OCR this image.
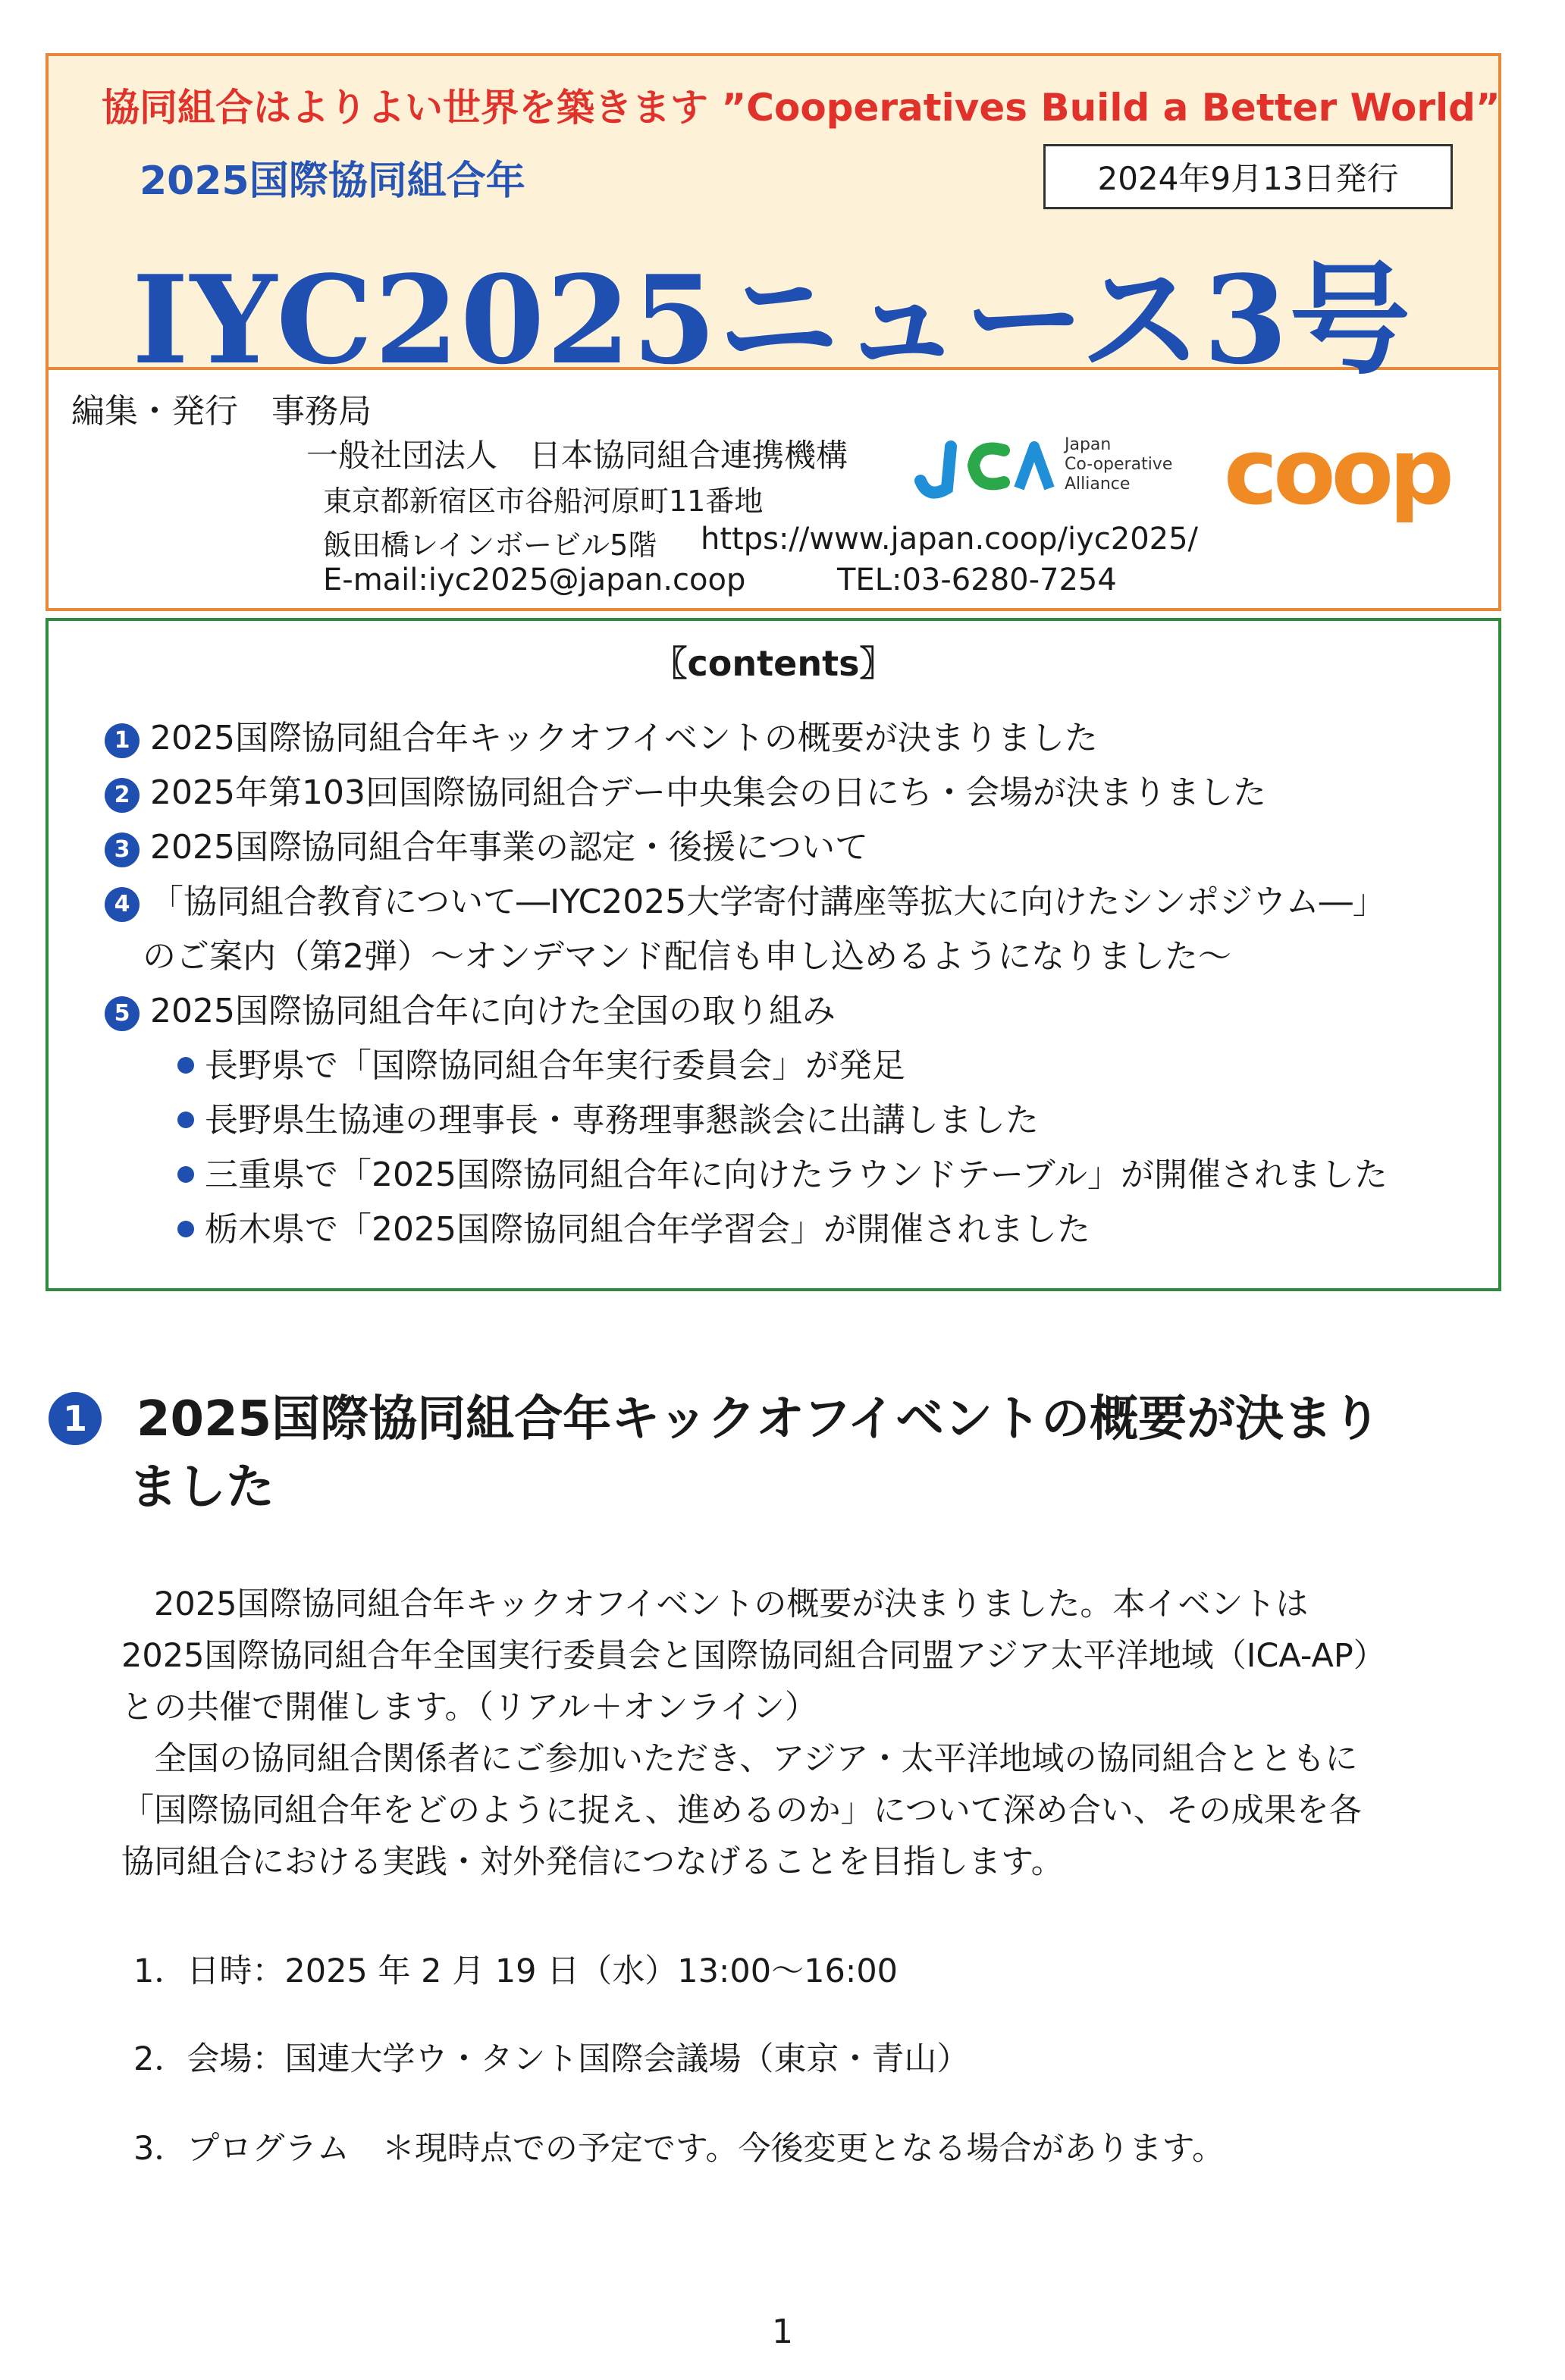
協同組合はよりよい世界を築きます ”Cooperatives Build a Better World”
2025国際協同組合年	2024年9月13日発行
IYC2025ニュース3号
編集・発行　事務局
一般社団法人　日本協同組合連携機構
東京都新宿区市谷船河原町11番地
飯田橋レインボービル5階 https://www.japan.coop/iyc2025/
E-mail:iyc2025@japan.coop	TEL:03-6280-7254
Japan
Co-operative
Alliance	coop
〖contents〗
1 2025国際協同組合年キックオフイベントの概要が決まりました
2 2025年第103回国際協同組合デー中央集会の日にち・会場が決まりました
3 2025国際協同組合年事業の認定・後援について
4 「協同組合教育について―IYC2025大学寄付講座等拡大に向けたシンポジウム―」
のご案内（第2弾）～オンデマンド配信も申し込めるようになりました～
5 2025国際協同組合年に向けた全国の取り組み
長野県で「国際協同組合年実行委員会」が発足
長野県生協連の理事長・専務理事懇談会に出講しました
三重県で「2025国際協同組合年に向けたラウンドテーブル」が開催されました
栃木県で「2025国際協同組合年学習会」が開催されました
1 2025国際協同組合年キックオフイベントの概要が決まり
ました
　2025国際協同組合年キックオフイベントの概要が決まりました。本イベントは
2025国際協同組合年全国実行委員会と国際協同組合同盟アジア太平洋地域（ICA-AP）
との共催で開催します。（リアル＋オンライン）
　全国の協同組合関係者にご参加いただき、アジア・太平洋地域の協同組合とともに
「国際協同組合年をどのように捉え、進めるのか」について深め合い、その成果を各
協同組合における実践・対外発信につなげることを目指します。
1．日時：2025 年 2 月 19 日（水）13:00～16:00
2．会場：国連大学ウ・タント国際会議場（東京・青山）
3．プログラム　＊現時点での予定です。今後変更となる場合があります。
1
